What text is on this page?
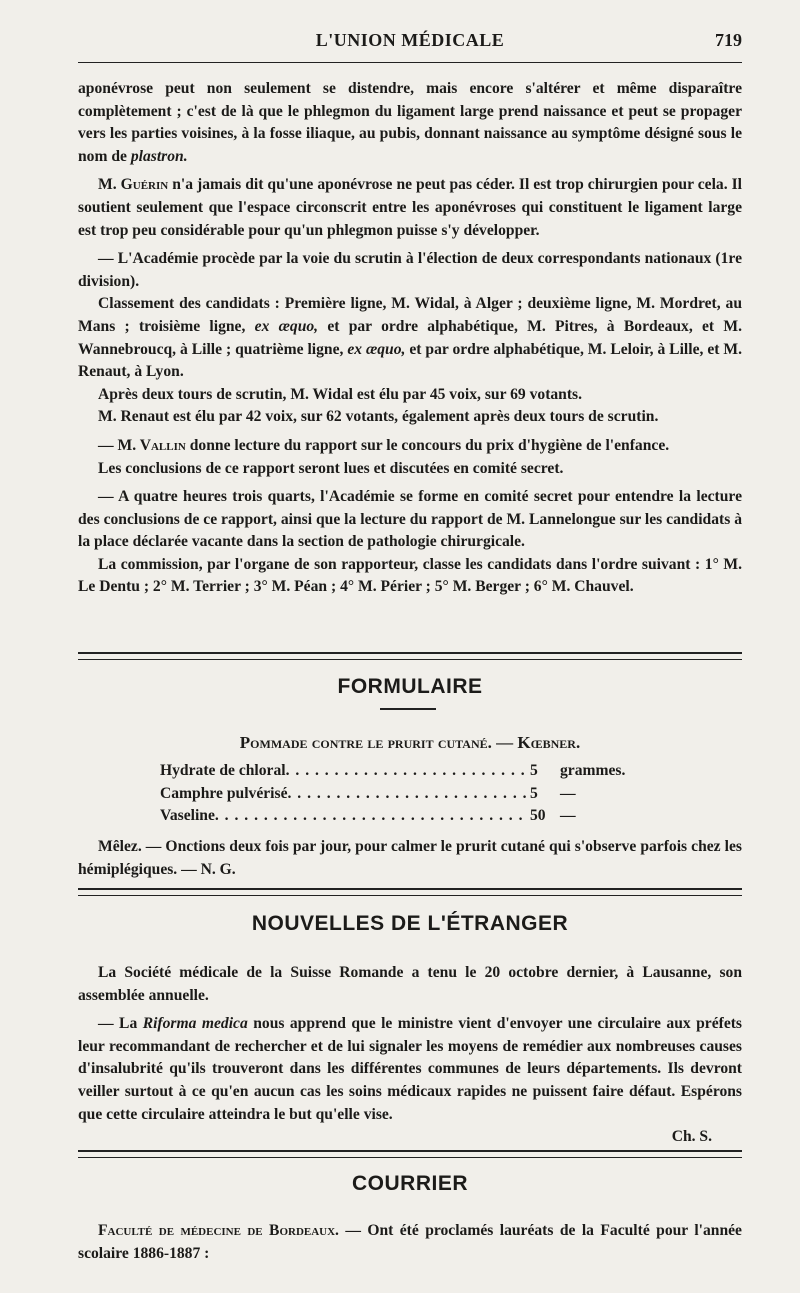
L'UNION MÉDICALE	719

aponévrose peut non seulement se distendre, mais encore s'altérer et même disparaître complètement ; c'est de là que le phlegmon du ligament large prend naissance et peut se propager vers les parties voisines, à la fosse iliaque, au pubis, donnant naissance au symptôme désigné sous le nom de plastron.

M. Guérin n'a jamais dit qu'une aponévrose ne peut pas céder. Il est trop chirurgien pour cela. Il soutient seulement que l'espace circonscrit entre les aponévroses qui constituent le ligament large est trop peu considérable pour qu'un phlegmon puisse s'y développer.

— L'Académie procède par la voie du scrutin à l'élection de deux correspondants nationaux (1re division).

Classement des candidats : Première ligne, M. Widal, à Alger ; deuxième ligne, M. Mordret, au Mans ; troisième ligne, ex æquo, et par ordre alphabétique, M. Pitres, à Bordeaux, et M. Wannebroucq, à Lille ; quatrième ligne, ex æquo, et par ordre alphabétique, M. Leloir, à Lille, et M. Renaut, à Lyon.

Après deux tours de scrutin, M. Widal est élu par 45 voix, sur 69 votants.

M. Renaut est élu par 42 voix, sur 62 votants, également après deux tours de scrutin.

— M. Vallin donne lecture du rapport sur le concours du prix d'hygiène de l'enfance.

Les conclusions de ce rapport seront lues et discutées en comité secret.

— A quatre heures trois quarts, l'Académie se forme en comité secret pour entendre la lecture des conclusions de ce rapport, ainsi que la lecture du rapport de M. Lannelongue sur les candidats à la place déclarée vacante dans la section de pathologie chirurgicale.

La commission, par l'organe de son rapporteur, classe les candidats dans l'ordre suivant : 1° M. Le Dentu ; 2° M. Terrier ; 3° M. Péan ; 4° M. Périer ; 5° M. Berger ; 6° M. Chauvel.

FORMULAIRE
Pommade contre le prurit cutané. — Kœbner.
Hydrate de chloral . . .	5	grammes.
Camphre pulvérisé . . .	5	—
Vaseline . . .	50 —

Mêlez. — Onctions deux fois par jour, pour calmer le prurit cutané qui s'observe parfois chez les hémiplégiques. — N. G.

NOUVELLES DE L'ÉTRANGER

La Société médicale de la Suisse Romande a tenu le 20 octobre dernier, à Lausanne, son assemblée annuelle.

— La Riforma medica nous apprend que le ministre vient d'envoyer une circulaire aux préfets leur recommandant de rechercher et de lui signaler les moyens de remédier aux nombreuses causes d'insalubrité qu'ils trouveront dans les différentes communes de leurs départements. Ils devront veiller surtout à ce qu'en aucun cas les soins médicaux rapides ne puissent faire défaut. Espérons que cette circulaire atteindra le but qu'elle vise.

Ch. S.

COURRIER

Faculté de médecine de Bordeaux. — Ont été proclamés lauréats de la Faculté pour l'année scolaire 1886-1887 :
